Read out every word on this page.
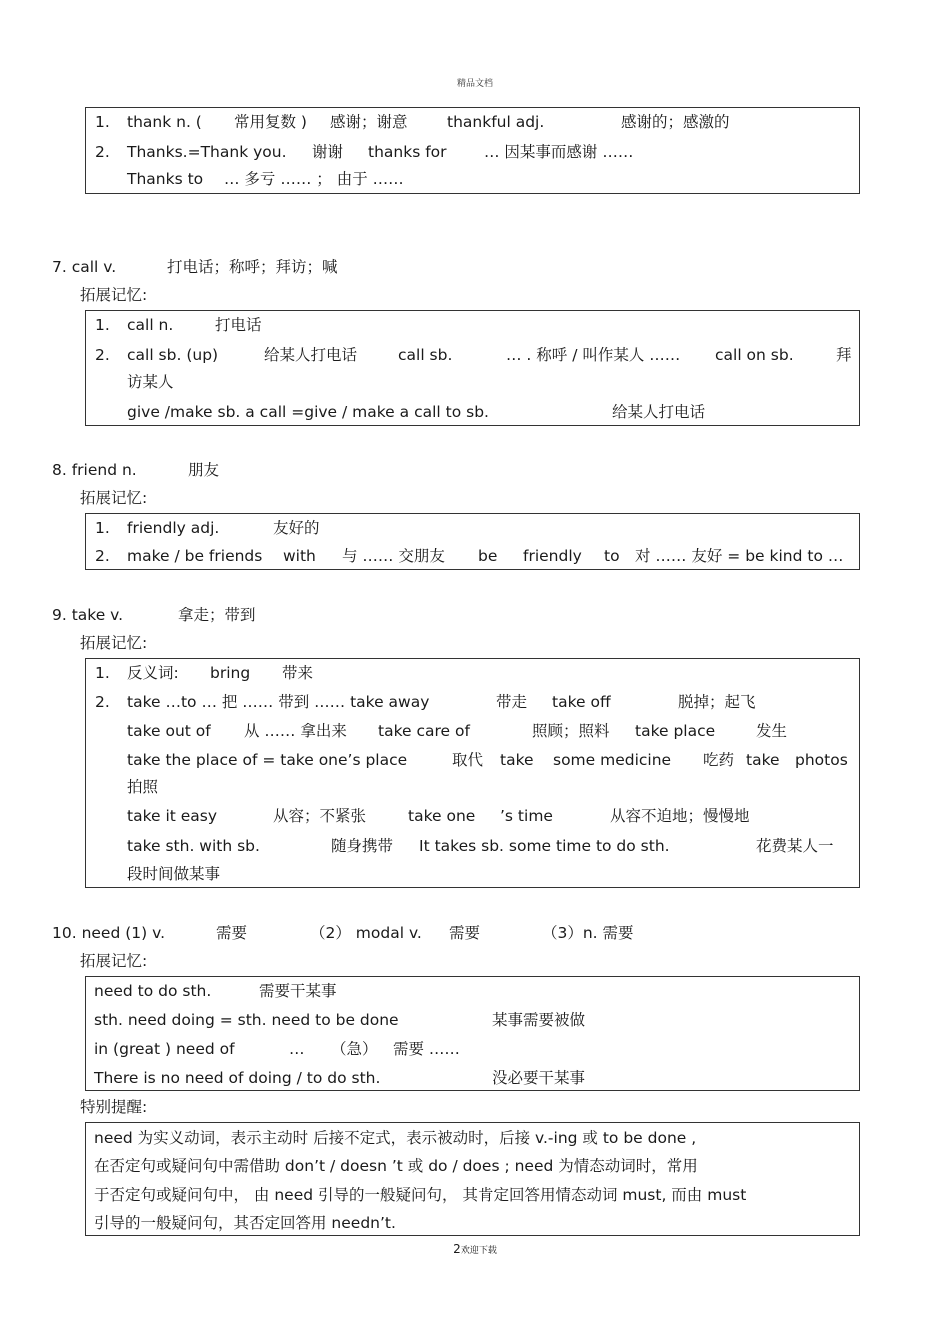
精品文档
1. thank n. ( 常用复数 ) 感谢；谢意	thankful adj.	感谢的；感激的
2. Thanks.=Thank you. 谢谢 thanks for … 因某事而感谢 ……
Thanks to … 多亏 …… ； 由于 ……
7. call v.	打电话；称呼；拜访；喊
拓展记忆:
1. call n.	打电话
2. call sb. (up)	给某人打电话	call sb.	… . 称呼 / 叫作某人 …… call on sb.	拜
访某人
give /make sb. a call =give / make a call to sb.	给某人打电话
8. friend n.	朋友
拓展记忆:
1. friendly adj.	友好的
2. make / be friends with 与 …… 交朋友 be friendly to 对 …… 友好 = be kind to …
9. take v.	拿走；带到
拓展记忆:
1. 反义词: bring 带来
2. take …to … 把 …… 带到 …… take away	带走 take off	脱掉；起飞
take out of 从 …… 拿出来 take care of	照顾；照料 take place	发生
take the place of = take one’s place	取代 take some medicine 吃药 take photos
拍照
take it easy	从容；不紧张	take one ’s time	从容不迫地；慢慢地
take sth. with sb.	随身携带 It takes sb. some time to do sth.	花费某人一
段时间做某事
10. need (1) v.	需要	（2） modal v. 需要	（3）n. 需要
拓展记忆:
need to do sth.	需要干某事
sth. need doing = sth. need to be done	某事需要被做
in (great ) need of	… （急） 需要 ……
There is no need of doing / to do sth.	没必要干某事
特别提醒:
need 为实义动词，表示主动时 后接不定式，表示被动时，后接 v.-ing 或 to be done ,
在否定句或疑问句中需借助 don’t / doesn ’t 或 do / does ; need 为情态动词时，常用
于否定句或疑问句中， 由 need 引导的一般疑问句， 其肯定回答用情态动词 must, 而由 must
引导的一般疑问句，其否定回答用 needn’t.
2欢迎下载
